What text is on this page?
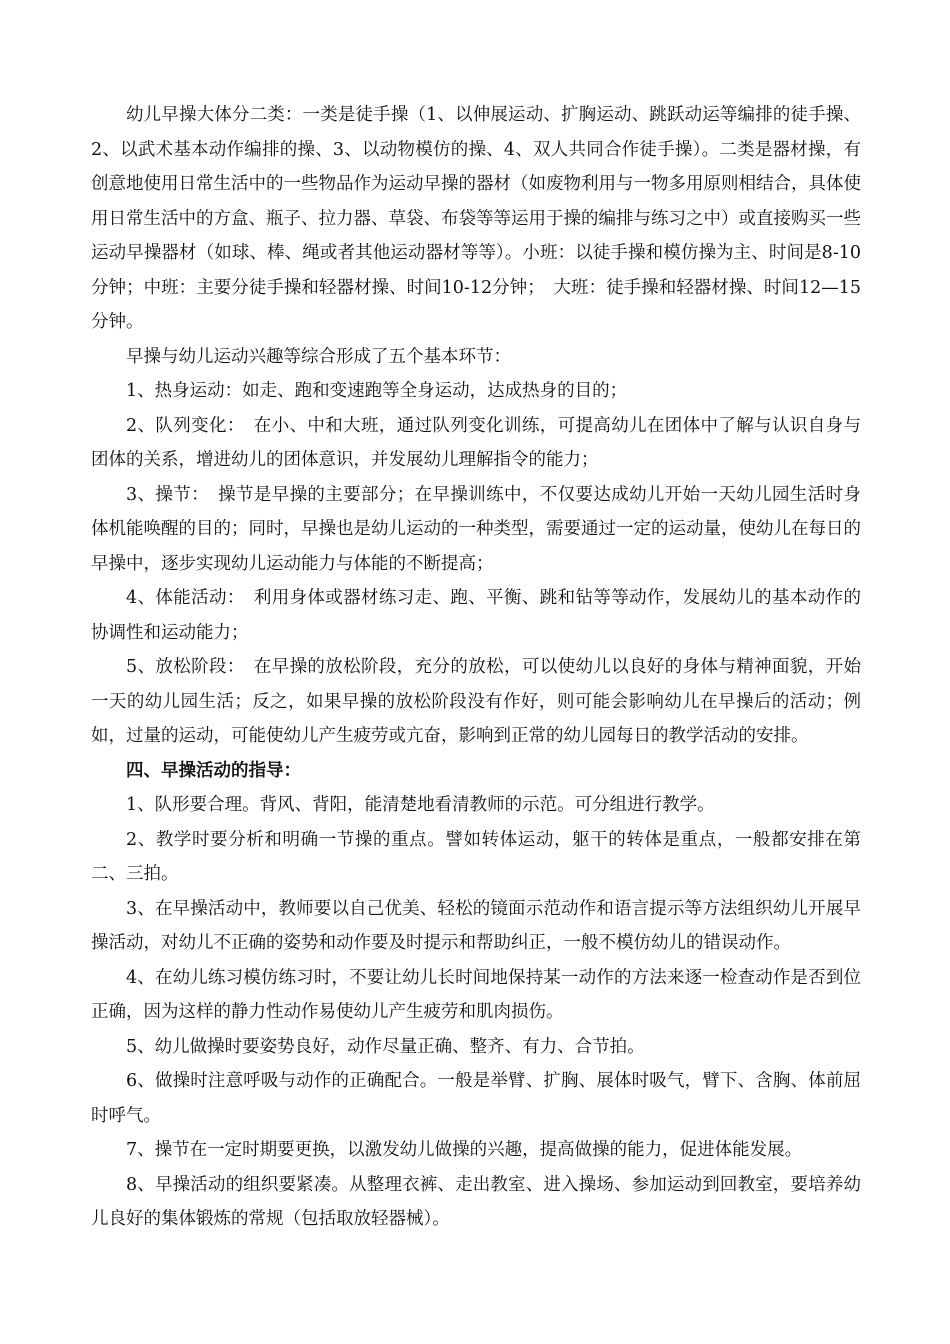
幼儿早操大体分二类：一类是徒手操（1、以伸展运动、扩胸运动、跳跃动运等编排的徒手操、2、以武术基本动作编排的操、3、以动物模仿的操、4、双人共同合作徒手操）。二类是器材操，有创意地使用日常生活中的一些物品作为运动早操的器材（如废物利用与一物多用原则相结合，具体使用日常生活中的方盒、瓶子、拉力器、草袋、布袋等等运用于操的编排与练习之中）或直接购买一些运动早操器材（如球、棒、绳或者其他运动器材等等）。小班：以徒手操和模仿操为主、时间是8-10分钟；中班：主要分徒手操和轻器材操、时间10-12分钟；　大班：徒手操和轻器材操、时间12—15分钟。

早操与幼儿运动兴趣等综合形成了五个基本环节：

1、热身运动：如走、跑和变速跑等全身运动，达成热身的目的；

2、队列变化：　在小、中和大班，通过队列变化训练，可提高幼儿在团体中了解与认识自身与团体的关系，增进幼儿的团体意识，并发展幼儿理解指令的能力；

3、操节：　操节是早操的主要部分；在早操训练中，不仅要达成幼儿开始一天幼儿园生活时身体机能唤醒的目的；同时，早操也是幼儿运动的一种类型，需要通过一定的运动量，使幼儿在每日的早操中，逐步实现幼儿运动能力与体能的不断提高；

4、体能活动：　利用身体或器材练习走、跑、平衡、跳和钻等等动作，发展幼儿的基本动作的协调性和运动能力；

5、放松阶段：　在早操的放松阶段，充分的放松，可以使幼儿以良好的身体与精神面貌，开始一天的幼儿园生活；反之，如果早操的放松阶段没有作好，则可能会影响幼儿在早操后的活动；例如，过量的运动，可能使幼儿产生疲劳或亢奋，影响到正常的幼儿园每日的教学活动的安排。

四、早操活动的指导：

1、队形要合理。背风、背阳，能清楚地看清教师的示范。可分组进行教学。

2、教学时要分析和明确一节操的重点。譬如转体运动，躯干的转体是重点，一般都安排在第二、三拍。

3、在早操活动中，教师要以自己优美、轻松的镜面示范动作和语言提示等方法组织幼儿开展早操活动，对幼儿不正确的姿势和动作要及时提示和帮助纠正，一般不模仿幼儿的错误动作。

4、在幼儿练习模仿练习时，不要让幼儿长时间地保持某一动作的方法来逐一检查动作是否到位正确，因为这样的静力性动作易使幼儿产生疲劳和肌肉损伤。

5、幼儿做操时要姿势良好，动作尽量正确、整齐、有力、合节拍。

6、做操时注意呼吸与动作的正确配合。一般是举臂、扩胸、展体时吸气，臂下、含胸、体前屈时呼气。

7、操节在一定时期要更换，以激发幼儿做操的兴趣，提高做操的能力，促进体能发展。

8、早操活动的组织要紧凑。从整理衣裤、走出教室、进入操场、参加运动到回教室，要培养幼儿良好的集体锻炼的常规（包括取放轻器械）。
